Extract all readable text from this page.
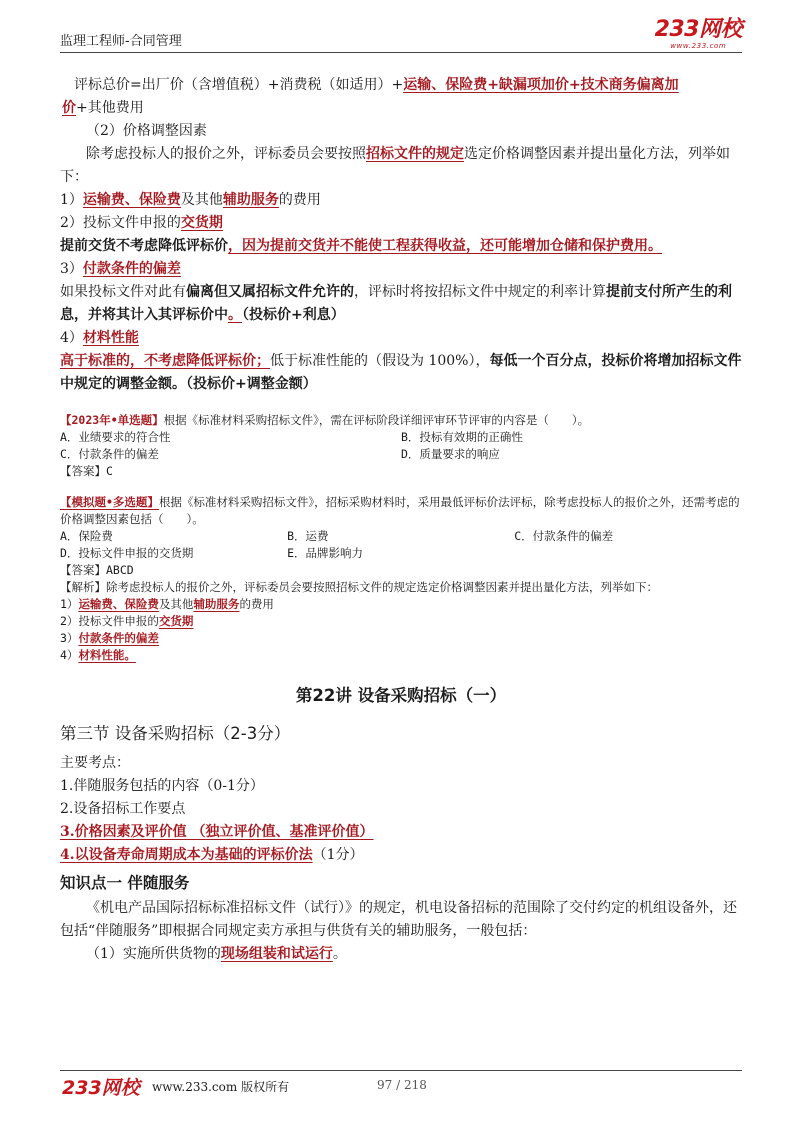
监理工程师-合同管理	233网校
www.233.com

评标总价=出厂价（含增值税）+消费税（如适用）+运输、保险费+缺漏项加价+技术商务偏离加
价+其他费用

（2）价格调整因素

除考虑投标人的报价之外，评标委员会要按照招标文件的规定选定价格调整因素并提出量化方法，列举如下：

1）运输费、保险费及其他辅助服务的费用

2）投标文件申报的交货期

提前交货不考虑降低评标价，因为提前交货并不能使工程获得收益，还可能增加仓储和保护费用。

3）付款条件的偏差

如果投标文件对此有偏离但又属招标文件允许的，评标时将按招标文件中规定的利率计算提前支付所产生的利息，并将其计入其评标价中。（投标价+利息）

4）材料性能

高于标准的，不考虑降低评标价；低于标准性能的（假设为 100%），每低一个百分点，投标价将增加招标文件中规定的调整金额。（投标价+调整金额）

【2023年•单选题】根据《标准材料采购招标文件》，需在评标阶段详细评审环节评审的内容是（　　）。

A．业绩要求的符合性	B．投标有效期的正确性
C．付款条件的偏差	D．质量要求的响应

【答案】C

【模拟题•多选题】根据《标准材料采购招标文件》，招标采购材料时，采用最低评标价法评标，除考虑投标人的报价之外，还需考虑的价格调整因素包括（　　）。

A．保险费	B．运费	C．付款条件的偏差
D．投标文件申报的交货期	E．品牌影响力

【答案】ABCD

【解析】除考虑投标人的报价之外，评标委员会要按照招标文件的规定选定价格调整因素并提出量化方法，列举如下：

1）运输费、保险费及其他辅助服务的费用

2）投标文件申报的交货期

3）付款条件的偏差

4）材料性能。

第22讲 设备采购招标（一）

第三节 设备采购招标（2-3分）

主要考点：

1.伴随服务包括的内容（0-1分）

2.设备招标工作要点

3.价格因素及评价值 （独立评价值、基准评价值）

4.以设备寿命周期成本为基础的评标价法（1分）

知识点一 伴随服务

《机电产品国际招标标准招标文件（试行）》的规定，机电设备招标的范围除了交付约定的机组设备外，还包括“伴随服务”即根据合同规定卖方承担与供货有关的辅助服务，一般包括：

（1）实施所供货物的现场组装和试运行。

233网校 www.233.com 版权所有	97 / 218
